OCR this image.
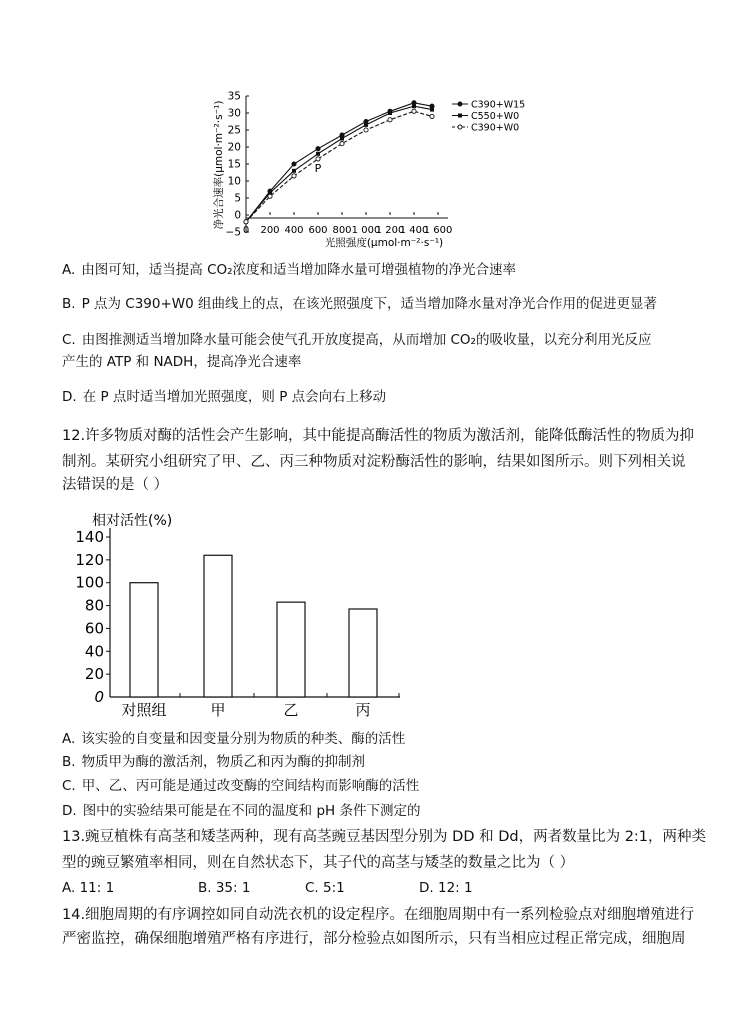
−5
0
5
10
15
20
25
30
35
0 200 400 600 800 1 000
1 200
1 400
1 600
净光合速率(μmol·m⁻²·s⁻¹)
光照强度(μmol·m⁻²·s⁻¹)
C390+W15
C550+W0
C390+W0
P
A. 由图可知，适当提高 CO₂浓度和适当增加降水量可增强植物的净光合速率
B. P 点为 C390+W0 组曲线上的点，在该光照强度下，适当增加降水量对净光合作用的促进更显著
C. 由图推测适当增加降水量可能会使气孔开放度提高，从而增加 CO₂的吸收量，以充分利用光反应
产生的 ATP 和 NADH，提高净光合速率
D. 在 P 点时适当增加光照强度，则 P 点会向右上移动
12.许多物质对酶的活性会产生影响，其中能提高酶活性的物质为激活剂，能降低酶活性的物质为抑
制剂。某研究小组研究了甲、乙、丙三种物质对淀粉酶活性的影响，结果如图所示。则下列相关说
法错误的是（ ）
相对活性(%)
0
20
40
60
80
100
120
140
对照组	甲	乙	丙
A. 该实验的自变量和因变量分别为物质的种类、酶的活性
B. 物质甲为酶的激活剂，物质乙和丙为酶的抑制剂
C. 甲、乙、丙可能是通过改变酶的空间结构而影响酶的活性
D. 图中的实验结果可能是在不同的温度和 pH 条件下测定的
13.豌豆植株有高茎和矮茎两种，现有高茎豌豆基因型分别为 DD 和 Dd，两者数量比为 2:1，两种类
型的豌豆繁殖率相同，则在自然状态下，其子代的高茎与矮茎的数量之比为（ ）
A. 11: 1	B. 35: 1	C. 5:1	D. 12: 1
14.细胞周期的有序调控如同自动洗衣机的设定程序。在细胞周期中有一系列检验点对细胞增殖进行
严密监控，确保细胞增殖严格有序进行，部分检验点如图所示，只有当相应过程正常完成，细胞周
